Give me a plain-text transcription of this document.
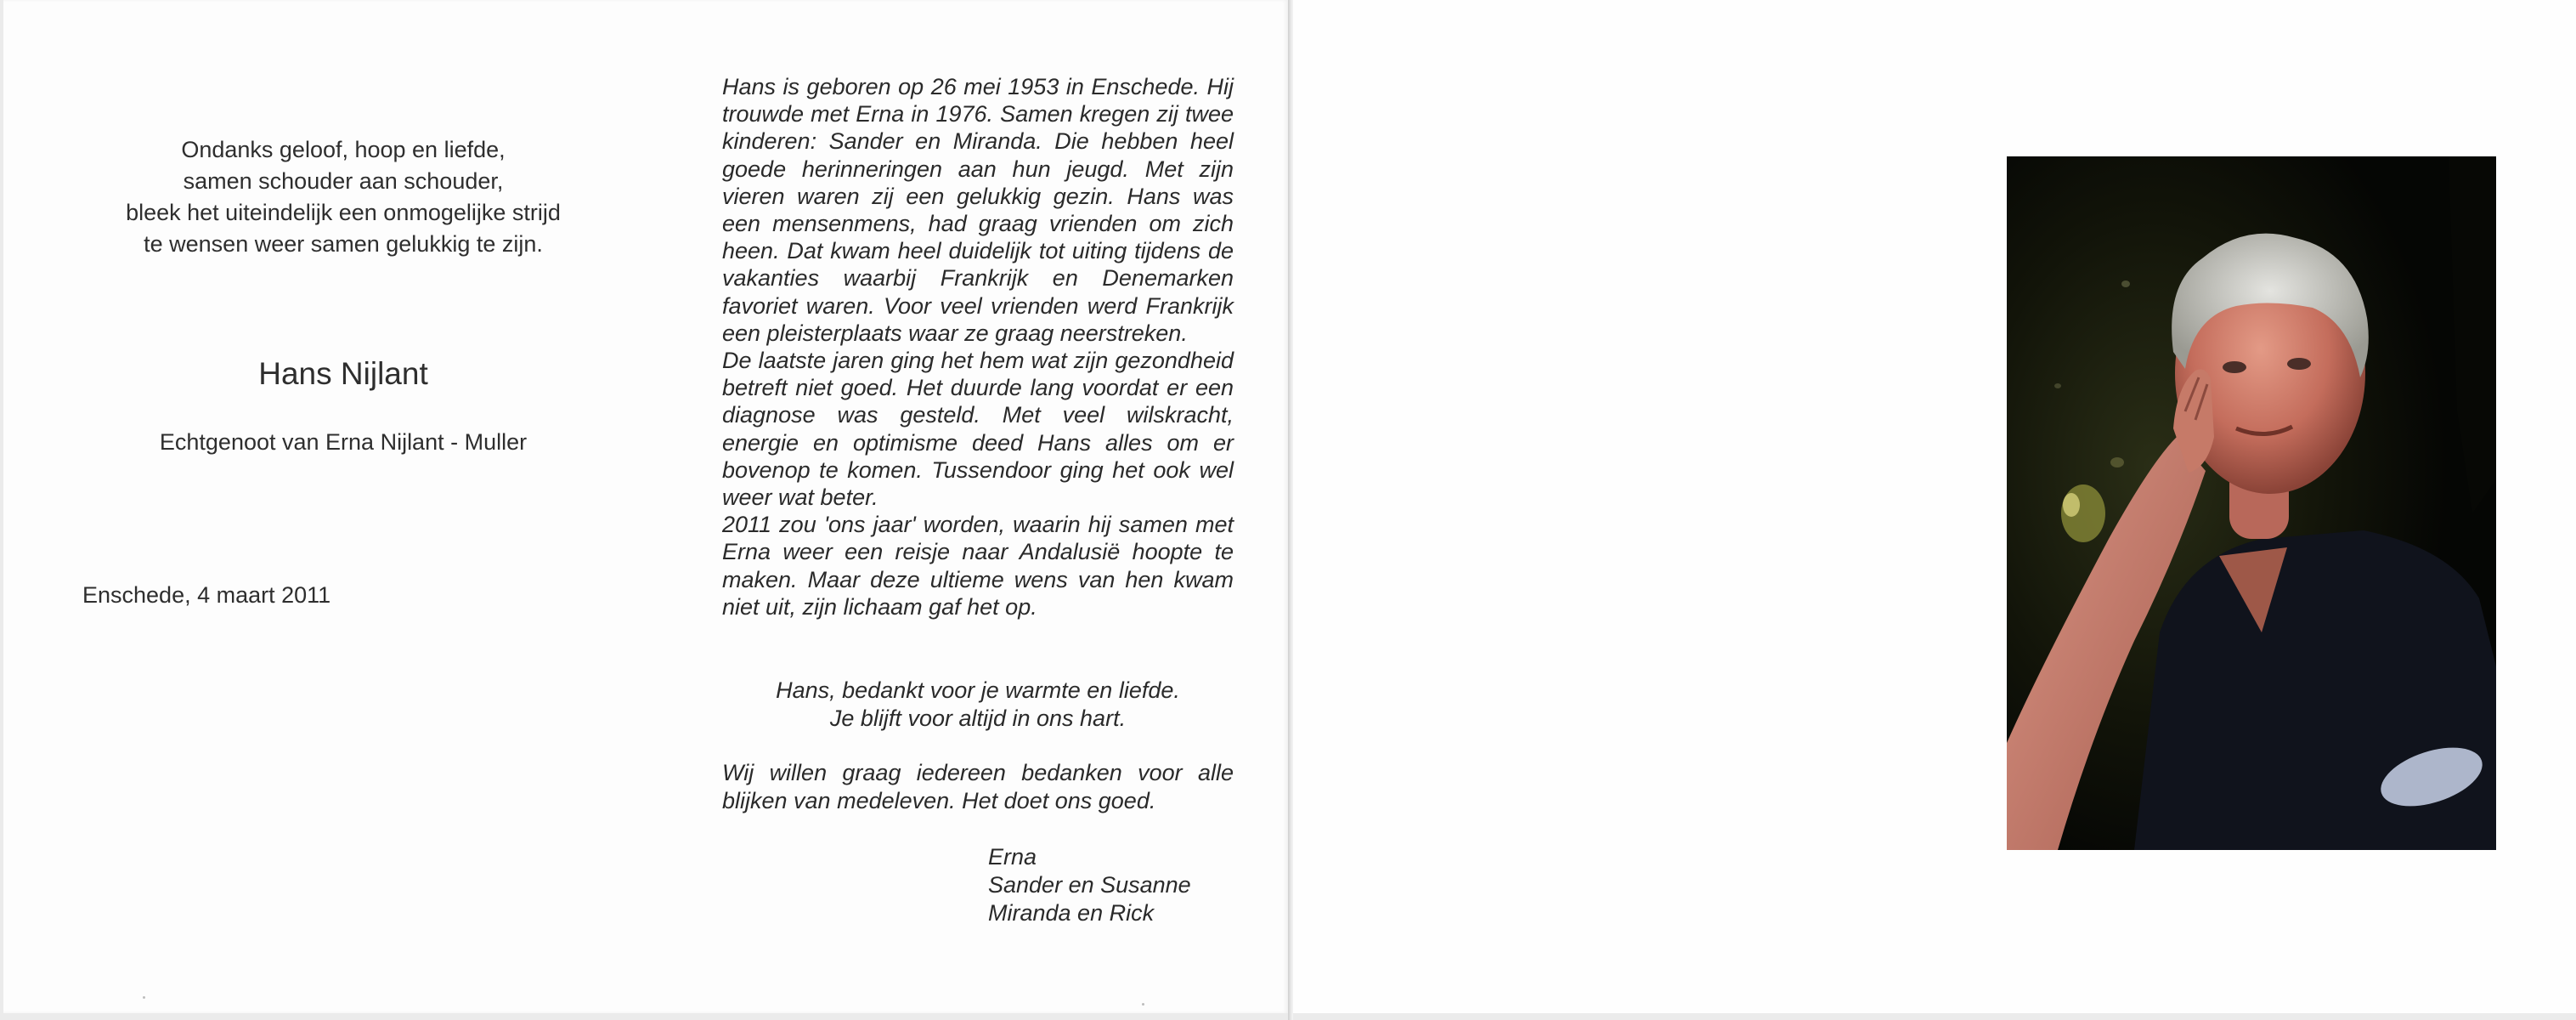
Ondanks geloof, hoop en liefde,
samen schouder aan schouder,
bleek het uiteindelijk een onmogelijke strijd
te wensen weer samen gelukkig te zijn.
Hans Nijlant
Echtgenoot van Erna Nijlant - Muller
Enschede, 4 maart 2011

Hans is geboren op 26 mei 1953 in Enschede. Hij trouwde met Erna in 1976. Samen kregen zij twee kinderen: Sander en Miranda. Die hebben heel goede herinneringen aan hun jeugd. Met zijn vieren waren zij een gelukkig gezin. Hans was een mensenmens, had graag vrienden om zich heen. Dat kwam heel duidelijk tot uiting tijdens de vakanties waarbij Frankrijk en Denemarken favoriet waren. Voor veel vrienden werd Frankrijk een pleisterplaats waar ze graag neerstreken.

De laatste jaren ging het hem wat zijn gezondheid betreft niet goed. Het duurde lang voordat er een diagnose was gesteld. Met veel wilskracht, energie en optimisme deed Hans alles om er bovenop te komen. Tussendoor ging het ook wel weer wat beter.

2011 zou 'ons jaar' worden, waarin hij samen met Erna weer een reisje naar Andalusië hoopte te maken. Maar deze ultieme wens van hen kwam niet uit, zijn lichaam gaf het op.

Hans, bedankt voor je warmte en liefde.
Je blijft voor altijd in ons hart.
Wij willen graag iedereen bedanken voor alle blijken van medeleven. Het doet ons goed.
Erna
Sander en Susanne
Miranda en Rick
